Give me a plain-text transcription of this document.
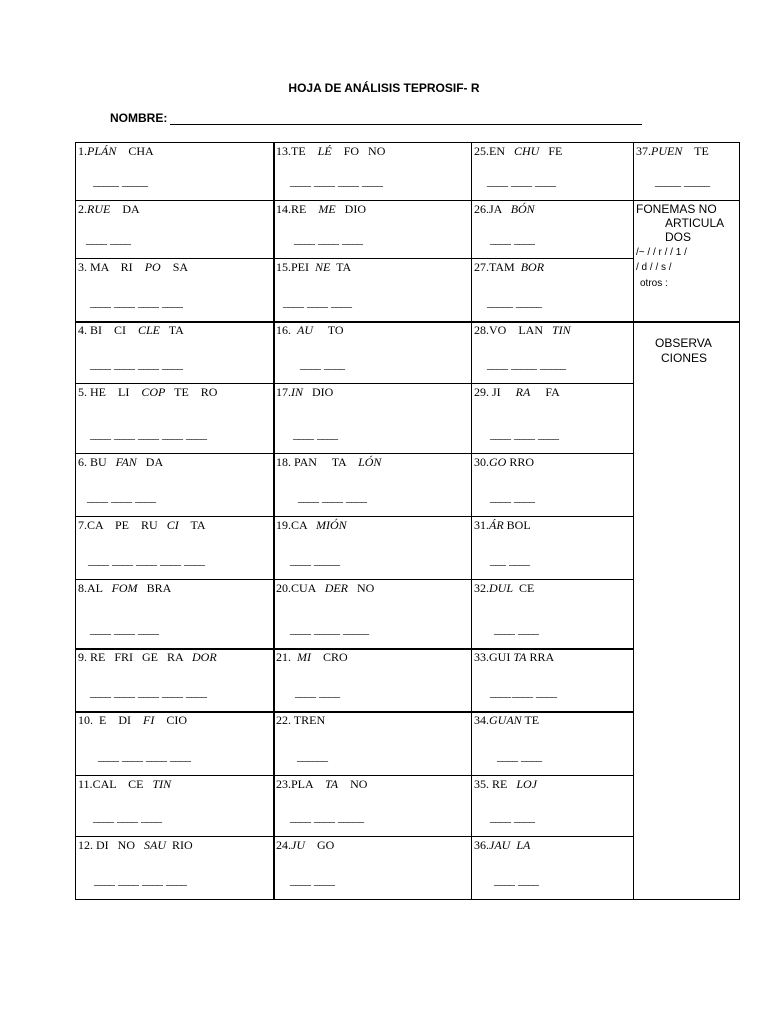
HOJA DE ANÁLISIS TEPROSIF- R
NOMBRE:
1.PLÁN    CHA
_____  _____
2.RUE    DA
____  ____
3. MA    RI    PO    SA
____  ____  ____  ____
4. BI    CI    CLE   TA
____  ____  ____  ____
5. HE    LI    COP   TE    RO
____  ____  ____  ____  ____
6. BU   FAN   DA
____  ____  ____
7.CA    PE    RU   CI    TA
____  ____  ____  ____  ____
8.AL   FOM   BRA
____  ____  ____
9. RE   FRI   GE   RA   DOR
____  ____  ____  ____  ____
10.  E    DI    FI    CIO
____  ____  ____  ____
11.CAL    CE   TIN
____  ____  ____
12. DI   NO   SAU  RIO
____  ____  ____  ____
13.TE    LÉ    FO   NO
____  ____  ____  ____
14.RE    ME   DIO
____  ____  ____
15.PEI  NE  TA
____  ____  ____
16. AU     TO
____  ____
17.IN   DIO
____  ____
18. PAN     TA    LÓN
____  ____  ____
19.CA   MIÓN
____  _____
20.CUA   DER   NO
____  _____  _____
21. MI    CRO
____  ____
22. TREN
______
23.PLA    TA    NO
____  ____  _____
24.JU    GO
____  ____
25.EN   CHU   FE
____  ____  ____
26.JA   BÓN
____  ____
27.TAM  BOR
_____  _____
28.VO    LAN   TIN
____  _____  _____
29. JI     RA     FA
____  ____  ____
30.GO RRO
____  ____
31.ÁR BOL
___  ____
32.DUL  CE
____  ____
33.GUI TA RRA
____ ____  ____
34.GUAN TE
____  ____
35. RE   LOJ
____  ____
36.JAU LA
____  ____
37.PUEN    TE
_____  _____
FONEMAS NO
ARTICULA
DOS
/~ / / r / / 1 /
/ d / / s /
otros :
OBSERVA
CIONES
